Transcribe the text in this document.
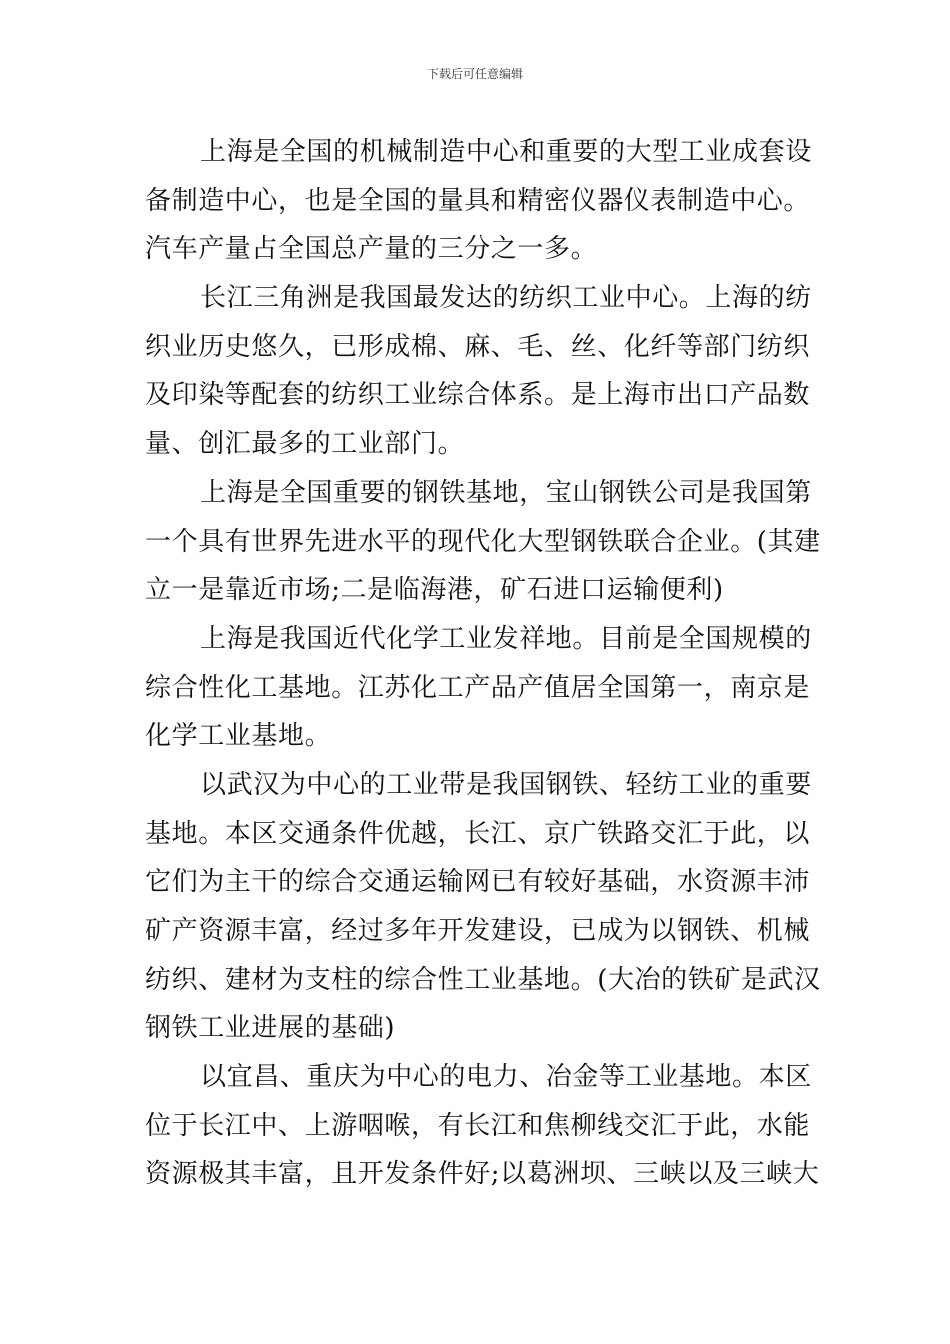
下载后可任意编辑
上海是全国的机械制造中心和重要的大型工业成套设
备制造中心，也是全国的量具和精密仪器仪表制造中心。
汽车产量占全国总产量的三分之一多。
长江三角洲是我国最发达的纺织工业中心。上海的纺
织业历史悠久，已形成棉、麻、毛、丝、化纤等部门纺织
及印染等配套的纺织工业综合体系。是上海市出口产品数
量、创汇最多的工业部门。
上海是全国重要的钢铁基地，宝山钢铁公司是我国第
一个具有世界先进水平的现代化大型钢铁联合企业。(其建
立一是靠近市场;二是临海港，矿石进口运输便利)
上海是我国近代化学工业发祥地。目前是全国规模的
综合性化工基地。江苏化工产品产值居全国第一，南京是
化学工业基地。
以武汉为中心的工业带是我国钢铁、轻纺工业的重要
基地。本区交通条件优越，长江、京广铁路交汇于此，以
它们为主干的综合交通运输网已有较好基础，水资源丰沛
矿产资源丰富，经过多年开发建设，已成为以钢铁、机械
纺织、建材为支柱的综合性工业基地。(大冶的铁矿是武汉
钢铁工业进展的基础)
以宜昌、重庆为中心的电力、冶金等工业基地。本区
位于长江中、上游咽喉，有长江和焦柳线交汇于此，水能
资源极其丰富，且开发条件好;以葛洲坝、三峡以及三峡大
